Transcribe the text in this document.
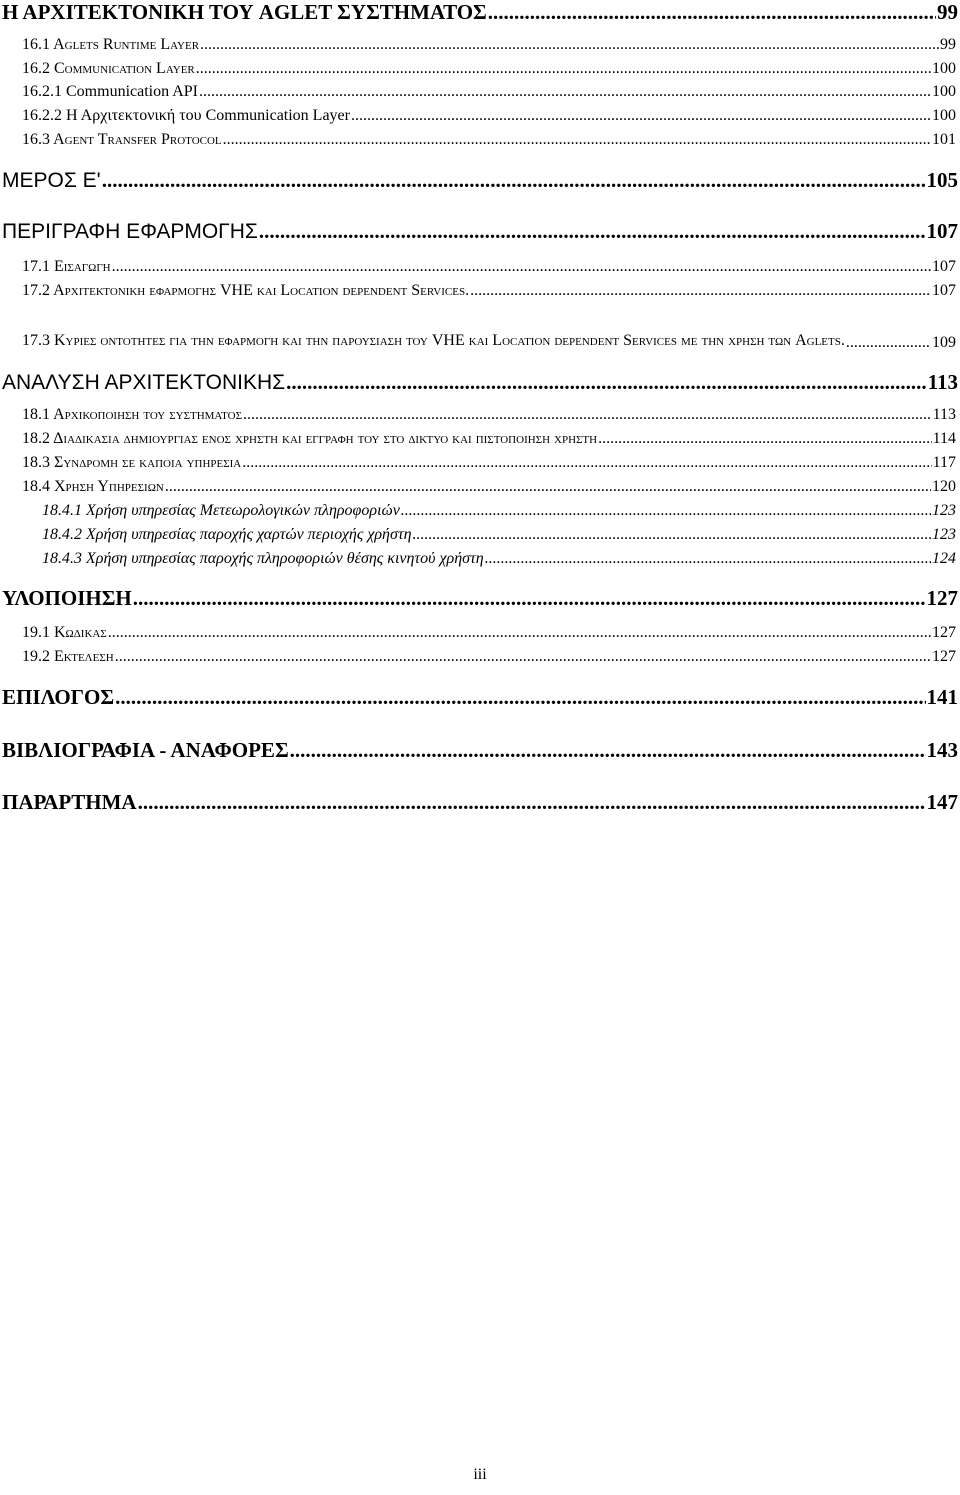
Η ΑΡΧΙΤΕΚΤΟΝΙΚΗ ΤΟΥ AGLET ΣΥΣΤΗΜΑΤΟΣ .....	99
16.1 Aglets Runtime Layer .....	99
16.2 Communication Layer .....	100
16.2.1 Communication API .....	100
16.2.2 Η Αρχιτεκτονική του Communication Layer .....	100
16.3 Agent Transfer Protocol .....	101
ΜΕΡΟΣ Ε' .....	105
ΠΕΡΙΓΡΑΦΗ ΕΦΑΡΜΟΓΗΣ .....	107
17.1 Εισαγωγη .....	107
17.2 Αρχιτεκτονικη εφαρμογησ VHE και Location dependent Services. .....	107
17.3 Κυριεσ οντοτητεσ για την εφαρμογη και την παρουσιαση του VHE και Location dependent Services με την χρηση των Aglets. .....	109
ΑΝΑΛΥΣΗ ΑΡΧΙΤΕΚΤΟΝΙΚΗΣ .....	113
18.1 Αρχικοποιηση του συστηματοσ .....	113
18.2 Διαδικασια δημιουργιασ ενοσ χρηστη και εγγραφη του στο δικτυο και πιστοποιηση χρηστη .....	114
18.3 Συνδρομη σε καποια υπηρεσια .....	117
18.4 Χρηση Υπηρεσιων .....	120
18.4.1 Χρήση υπηρεσίας Μετεωρολογικών πληροφοριών .....	123
18.4.2 Χρήση υπηρεσίας παροχής χαρτών περιοχής χρήστη .....	123
18.4.3 Χρήση υπηρεσίας παροχής πληροφοριών θέσης κινητού χρήστη .....	124
ΥΛΟΠΟΙΗΣΗ .....	127
19.1 Κωδικασ .....	127
19.2 Εκτελεση .....	127
ΕΠΙΛΟΓΟΣ .....	141
ΒΙΒΛΙΟΓΡΑΦΙΑ - ΑΝΑΦΟΡΕΣ .....	143
ΠΑΡΑΡΤΗΜΑ .....	147
iii
